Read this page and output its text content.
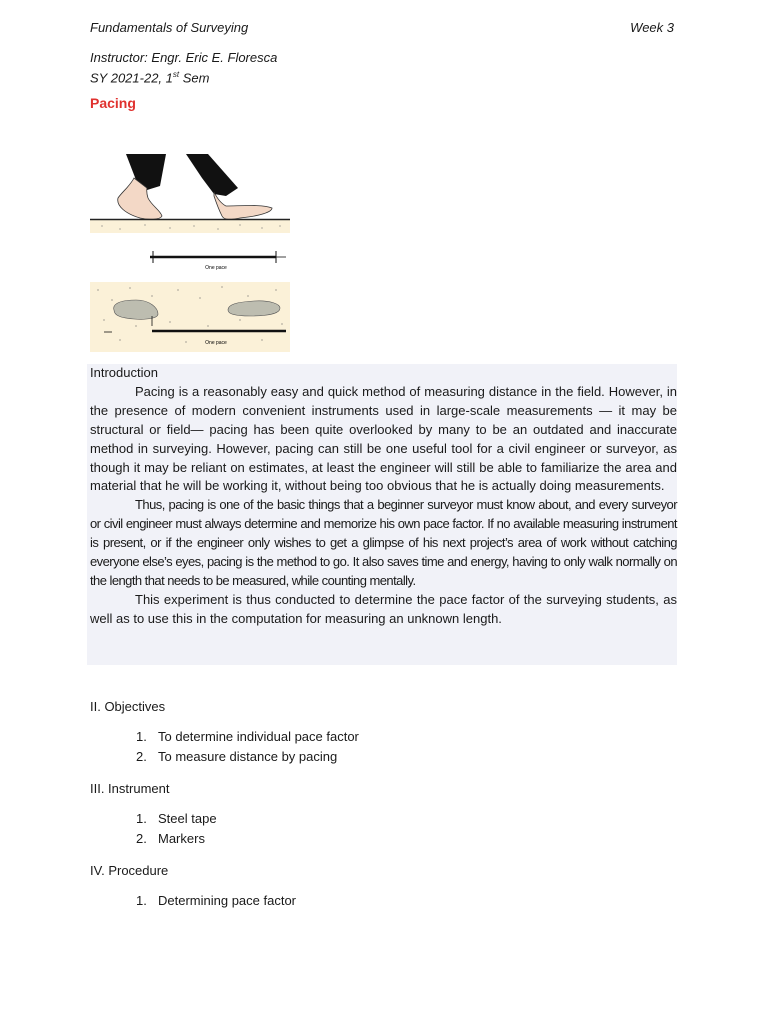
Fundamentals of Surveying	Week 3
Instructor: Engr. Eric E. Floresca
SY 2021-22, 1st Sem
Pacing
One pace
One pace

Introduction

Pacing is a reasonably easy and quick method of measuring distance in the field. However, in the presence of modern convenient instruments used in large-scale measurements — it may be structural or field— pacing has been quite overlooked by many to be an outdated and inaccurate method in surveying. However, pacing can still be one useful tool for a civil engineer or surveyor, as though it may be reliant on estimates, at least the engineer will still be able to familiarize the area and material that he will be working it, without being too obvious that he is actually doing measurements.

Thus, pacing is one of the basic things that a beginner surveyor must know about, and every surveyor or civil engineer must always determine and memorize his own pace factor. If no available measuring instrument is present, or if the engineer only wishes to get a glimpse of his next project’s area of work without catching everyone else’s eyes, pacing is the method to go. It also saves time and energy, having to only walk normally on the length that needs to be measured, while counting mentally.

This experiment is thus conducted to determine the pace factor of the surveying students, as well as to use this in the computation for measuring an unknown length.

II. Objectives
1. To determine individual pace factor
2. To measure distance by pacing
III. Instrument
1. Steel tape
2. Markers
IV. Procedure
1. Determining pace factor
